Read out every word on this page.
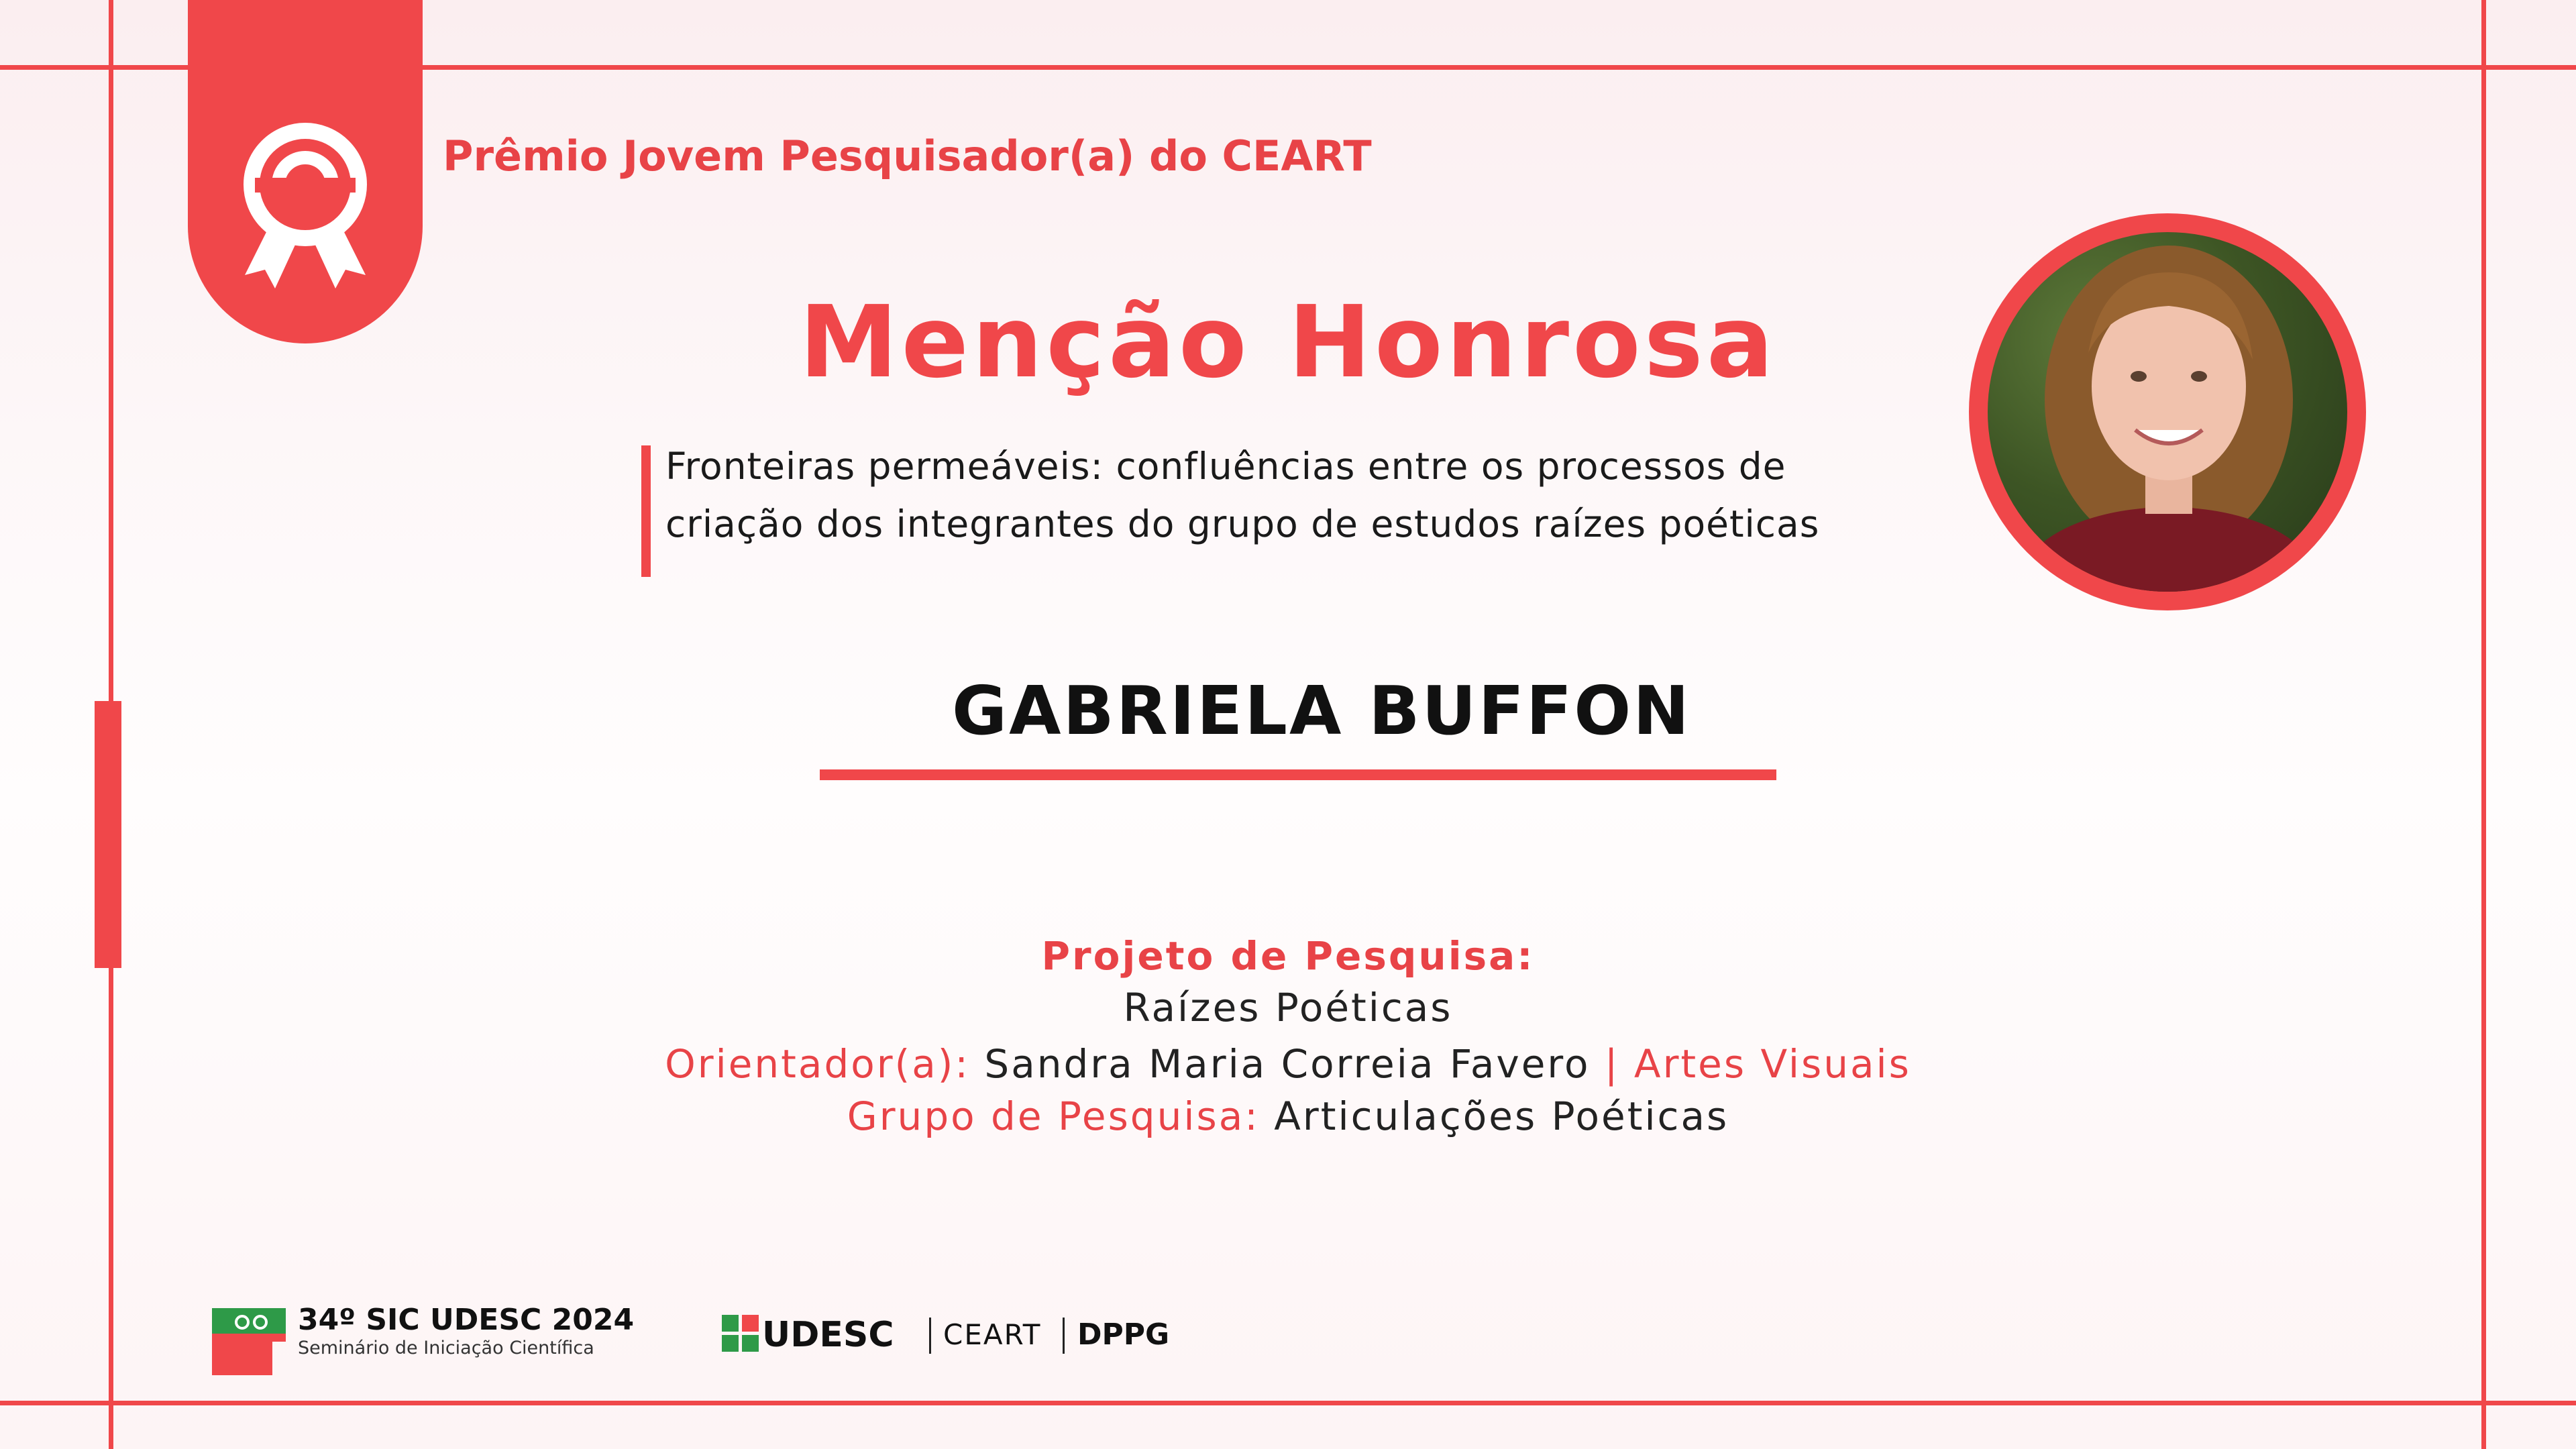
Prêmio Jovem Pesquisador(a) do CEART
Menção Honrosa
Fronteiras permeáveis: confluências entre os processos de
criação dos integrantes do grupo de estudos raízes poéticas
GABRIELA BUFFON
Projeto de Pesquisa:
Raízes Poéticas
Orientador(a): Sandra Maria Correia Favero | Artes Visuais
Grupo de Pesquisa: Articulações Poéticas
34º SIC UDESC 2024
Seminário de Iniciação Científica	UDESC CEART DPPG
